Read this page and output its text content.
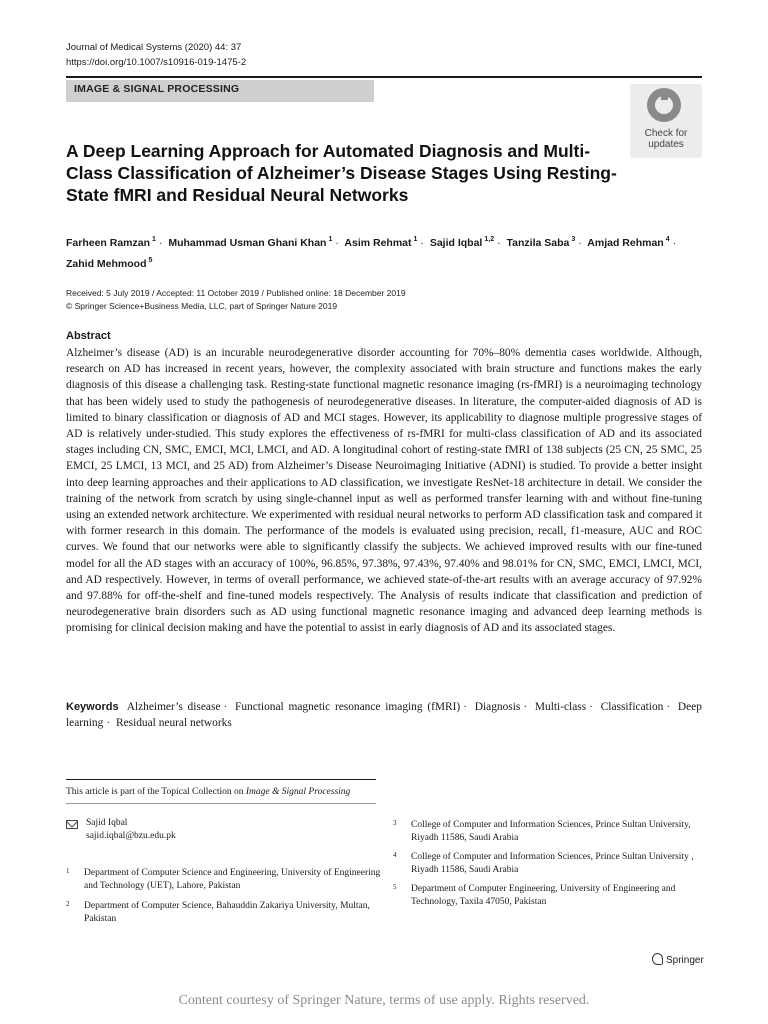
Journal of Medical Systems (2020) 44: 37
https://doi.org/10.1007/s10916-019-1475-2
IMAGE & SIGNAL PROCESSING
Check for
updates
A Deep Learning Approach for Automated Diagnosis and Multi-Class Classification of Alzheimer’s Disease Stages Using Resting-State fMRI and Residual Neural Networks
Farheen Ramzan $^1$ · Muhammad Usman Ghani Khan $^1$ · Asim Rehmat $^1$ · Sajid Iqbal $^{1,2}$ · Tanzila Saba $^3$ · Amjad Rehman $^4$ ·
Zahid Mehmood $^5$
Received: 5 July 2019 / Accepted: 11 October 2019 / Published online: 18 December 2019
© Springer Science+Business Media, LLC, part of Springer Nature 2019
Abstract
Alzheimer’s disease (AD) is an incurable neurodegenerative disorder accounting for 70%–80% dementia cases worldwide. Although, research on AD has increased in recent years, however, the complexity associated with brain structure and functions makes the early diagnosis of this disease a challenging task. Resting-state functional magnetic resonance imaging (rs-fMRI) is a neuroimaging technology that has been widely used to study the pathogenesis of neurodegenerative diseases. In literature, the computer-aided diagnosis of AD is limited to binary classification or diagnosis of AD and MCI stages. However, its applicability to diagnose multiple progressive stages of AD is relatively under-studied. This study explores the effectiveness of rs-fMRI for multi-class classification of AD and its associated stages including CN, SMC, EMCI, MCI, LMCI, and AD. A longitudinal cohort of resting-state fMRI of 138 subjects (25 CN, 25 SMC, 25 EMCI, 25 LMCI, 13 MCI, and 25 AD) from Alzheimer’s Disease Neuroimaging Initiative (ADNI) is studied. To provide a better insight into deep learning approaches and their applications to AD classification, we investigate ResNet-18 architecture in detail. We consider the training of the network from scratch by using single-channel input as well as performed transfer learning with and without fine-tuning using an extended network architecture. We experimented with residual neural networks to perform AD classification task and compared it with former research in this domain. The performance of the models is evaluated using precision, recall, f1-measure, AUC and ROC curves. We found that our networks were able to significantly classify the subjects. We achieved improved results with our fine-tuned model for all the AD stages with an accuracy of 100%, 96.85%, 97.38%, 97.43%, 97.40% and 98.01% for CN, SMC, EMCI, LMCI, MCI, and AD respectively. However, in terms of overall performance, we achieved state-of-the-art results with an average accuracy of 97.92% and 97.88% for off-the-shelf and fine-tuned models respectively. The Analysis of results indicate that classification and prediction of neurodegenerative brain disorders such as AD using functional magnetic resonance imaging and advanced deep learning methods is promising for clinical decision making and have the potential to assist in early diagnosis of AD and its associated stages.
Keywords Alzheimer’s disease · Functional magnetic resonance imaging (fMRI) · Diagnosis · Multi-class · Classification · Deep learning · Residual neural networks
This article is part of the Topical Collection on Image & Signal Processing
Sajid Iqbal
sajid.iqbal@bzu.edu.pk
1 Department of Computer Science and Engineering, University of Engineering and Technology (UET), Lahore, Pakistan
2 Department of Computer Science, Bahauddin Zakariya University, Multan, Pakistan
3 College of Computer and Information Sciences, Prince Sultan University, Riyadh 11586, Saudi Arabia
4 College of Computer and Information Sciences, Prince Sultan University , Riyadh 11586, Saudi Arabia
5 Department of Computer Engineering, University of Engineering and Technology, Taxila 47050, Pakistan
Springer
Content courtesy of Springer Nature, terms of use apply. Rights reserved.
